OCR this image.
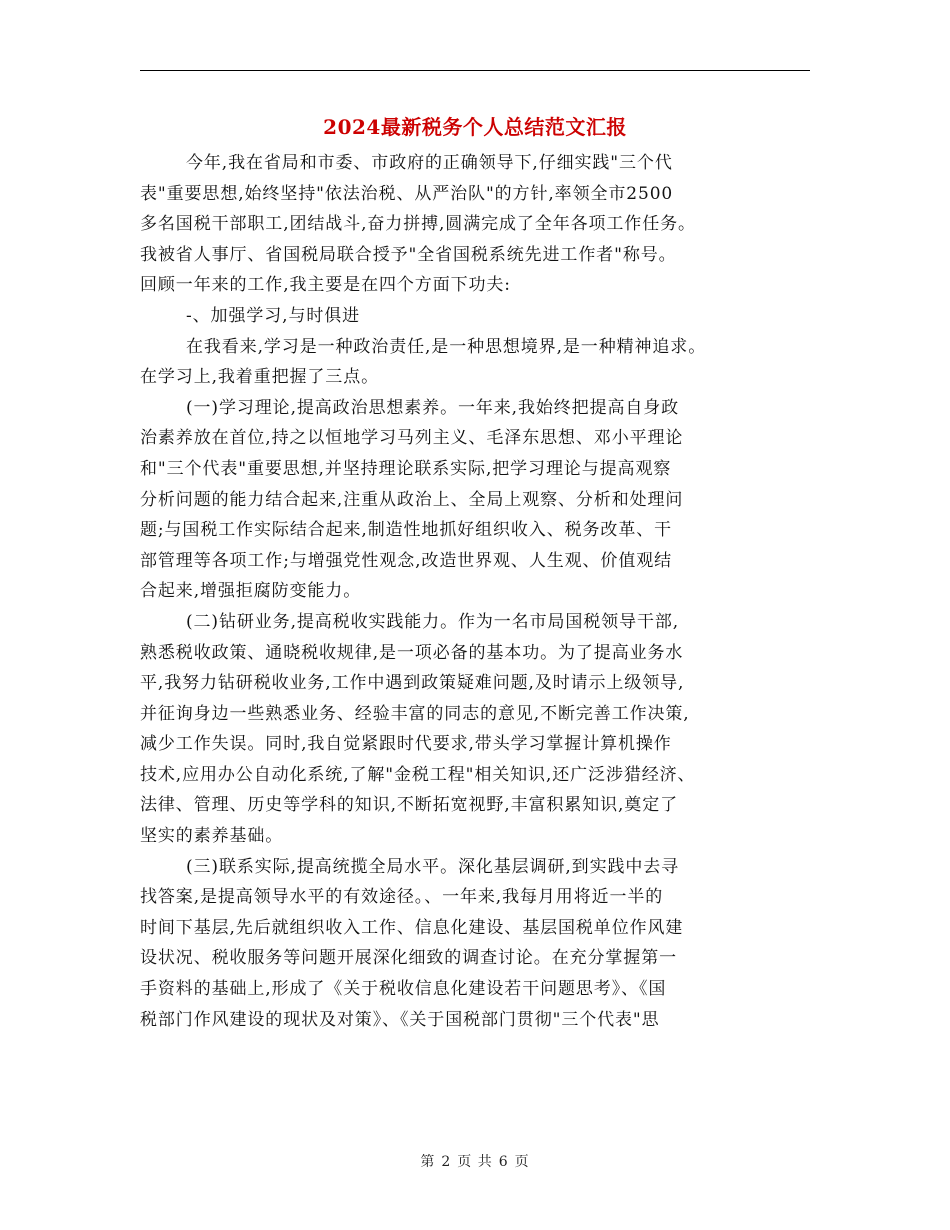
2024最新税务个人总结范文汇报
今年,我在省局和市委、市政府的正确领导下,仔细实践"三个代
表"重要思想,始终坚持"依法治税、从严治队"的方针,率领全市2500
多名国税干部职工,团结战斗,奋力拼搏,圆满完成了全年各项工作任务。
我被省人事厅、省国税局联合授予"全省国税系统先进工作者"称号。
回顾一年来的工作,我主要是在四个方面下功夫:
-、加强学习,与时俱进
在我看来,学习是一种政治责任,是一种思想境界,是一种精神追求。
在学习上,我着重把握了三点。
(一)学习理论,提高政治思想素养。一年来,我始终把提高自身政
治素养放在首位,持之以恒地学习马列主义、毛泽东思想、邓小平理论
和"三个代表"重要思想,并坚持理论联系实际,把学习理论与提高观察
分析问题的能力结合起来,注重从政治上、全局上观察、分析和处理问
题;与国税工作实际结合起来,制造性地抓好组织收入、税务改革、干
部管理等各项工作;与增强党性观念,改造世界观、人生观、价值观结
合起来,增强拒腐防变能力。
(二)钻研业务,提高税收实践能力。作为一名市局国税领导干部,
熟悉税收政策、通晓税收规律,是一项必备的基本功。为了提高业务水
平,我努力钻研税收业务,工作中遇到政策疑难问题,及时请示上级领导,
并征询身边一些熟悉业务、经验丰富的同志的意见,不断完善工作决策,
减少工作失误。同时,我自觉紧跟时代要求,带头学习掌握计算机操作
技术,应用办公自动化系统,了解"金税工程"相关知识,还广泛涉猎经济、
法律、管理、历史等学科的知识,不断拓宽视野,丰富积累知识,奠定了
坚实的素养基础。
(三)联系实际,提高统揽全局水平。深化基层调研,到实践中去寻
找答案,是提高领导水平的有效途径。、一年来,我每月用将近一半的
时间下基层,先后就组织收入工作、信息化建设、基层国税单位作风建
设状况、税收服务等问题开展深化细致的调查讨论。在充分掌握第一
手资料的基础上,形成了《关于税收信息化建设若干问题思考》、《国
税部门作风建设的现状及对策》、《关于国税部门贯彻"三个代表"思
第 2 页 共 6 页
